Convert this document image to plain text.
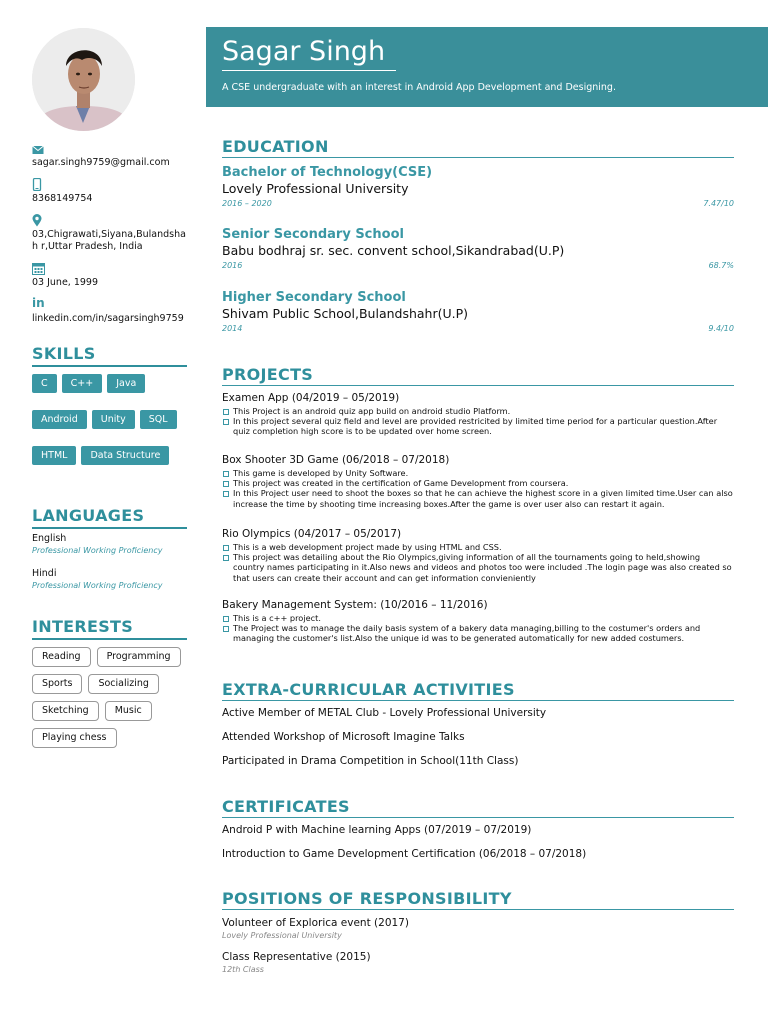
sagar.singh9759@gmail.com
8368149754
03,Chigrawati,Siyana,Bulandshah r,Uttar Pradesh, India
03 June, 1999
in
linkedin.com/in/sagarsingh9759
SKILLS
C C++ Java
Android Unity SQL
HTML Data Structure
LANGUAGES
English
Professional Working Proficiency
Hindi
Professional Working Proficiency
INTERESTS
Reading	Programming
Sports	Socializing
Sketching	Music
Playing chess
Sagar Singh
A CSE undergraduate with an interest in Android App Development and Designing.
EDUCATION
Bachelor of Technology(CSE)
Lovely Professional University
2016 – 2020	7.47/10
Senior Secondary School
Babu bodhraj sr. sec. convent school,Sikandrabad(U.P)
2016	68.7%
Higher Secondary School
Shivam Public School,Bulandshahr(U.P)
2014	9.4/10
PROJECTS
Examen App (04/2019 – 05/2019)
This Project is an android quiz app build on android studio Platform.
In this project several quiz field and level are provided restricited by limited time period for a particular question.After quiz completion high score is to be updated over home screen.
Box Shooter 3D Game (06/2018 – 07/2018)
This game is developed by Unity Software.
This project was created in the certification of Game Development from coursera.
In this Project user need to shoot the boxes so that he can achieve the highest score in a given limited time.User can also increase the time by shooting time increasing boxes.After the game is over user also can restart it again.
Rio Olympics (04/2017 – 05/2017)
This is a web development project made by using HTML and CSS.
This project was detailing about the Rio Olympics,giving information of all the tournaments going to held,showing country names participating in it.Also news and videos and photos too were included .The login page was also created so that users can create their account and can get information convieniently
Bakery Management System: (10/2016 – 11/2016)
This is a c++ project.
The Project was to manage the daily basis system of a bakery data managing,billing to the costumer's orders and managing the customer's list.Also the unique id was to be generated automatically for new added costumers.
EXTRA-CURRICULAR ACTIVITIES
Active Member of METAL Club - Lovely Professional University
Attended Workshop of Microsoft Imagine Talks
Participated in Drama Competition in School(11th Class)
CERTIFICATES
Android P with Machine learning Apps (07/2019 – 07/2019)
Introduction to Game Development Certification (06/2018 – 07/2018)
POSITIONS OF RESPONSIBILITY
Volunteer of Explorica event (2017)
Lovely Professional University
Class Representative (2015)
12th Class
